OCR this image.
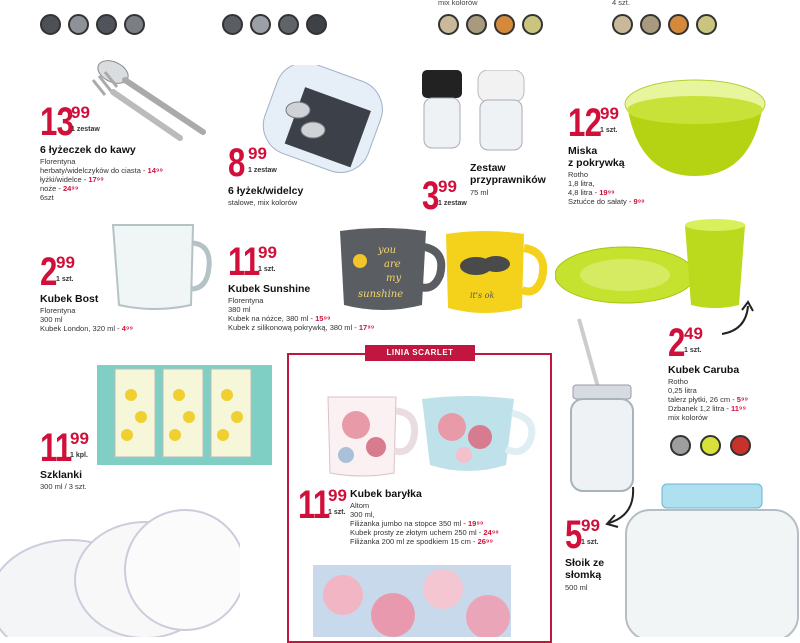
mix kolorów	4 szt.
you
are
my
sunshine	it's ok
LINIA SCARLET
13
99
1 zestaw
6 łyżeczek do kawy
Florentyna
herbaty/widelczyków do ciasta - 14⁹⁹
łyżki/widelce - 17⁹⁹
noże - 24⁹⁹
6szt
8 99
1 zestaw
6 łyżek/widelcy
stalowe, mix kolorów	3 99
1 zestaw
Zestaw
przyprawników
75 ml
12
99
1 szt.
Miska
z pokrywką
Rotho
1,8 litra,
4,8 litra - 19⁹⁹
Sztućce do sałaty - 9⁹⁹
2 99
1 szt.
Kubek Bost
Florentyna
300 ml
Kubek London, 320 ml - 4⁹⁹
11
99
1 szt.
Kubek Sunshine
Florentyna
380 ml
Kubek na nóżce, 380 ml - 15⁹⁹
Kubek z silikonową pokrywką, 380 ml - 17⁹⁹	2 49
1 szt.
Kubek Caruba
Rotho
0,25 litra
talerz płytki, 26 cm - 5⁹⁹
Dzbanek 1,2 litra - 11⁹⁹
mix kolorów
11
99
1 kpl.
Szklanki
300 ml / 3 szt.	11
99
1 szt.
Kubek baryłka
Altom
300 ml,
Filiżanka jumbo na stopce 350 ml - 19⁹⁹
Kubek prosty ze złotym uchem 250 ml - 24⁹⁹
Filiżanka 200 ml ze spodkiem 15 cm - 26⁹⁹ 5 99
1 szt.
Słoik ze
słomką
500 ml
